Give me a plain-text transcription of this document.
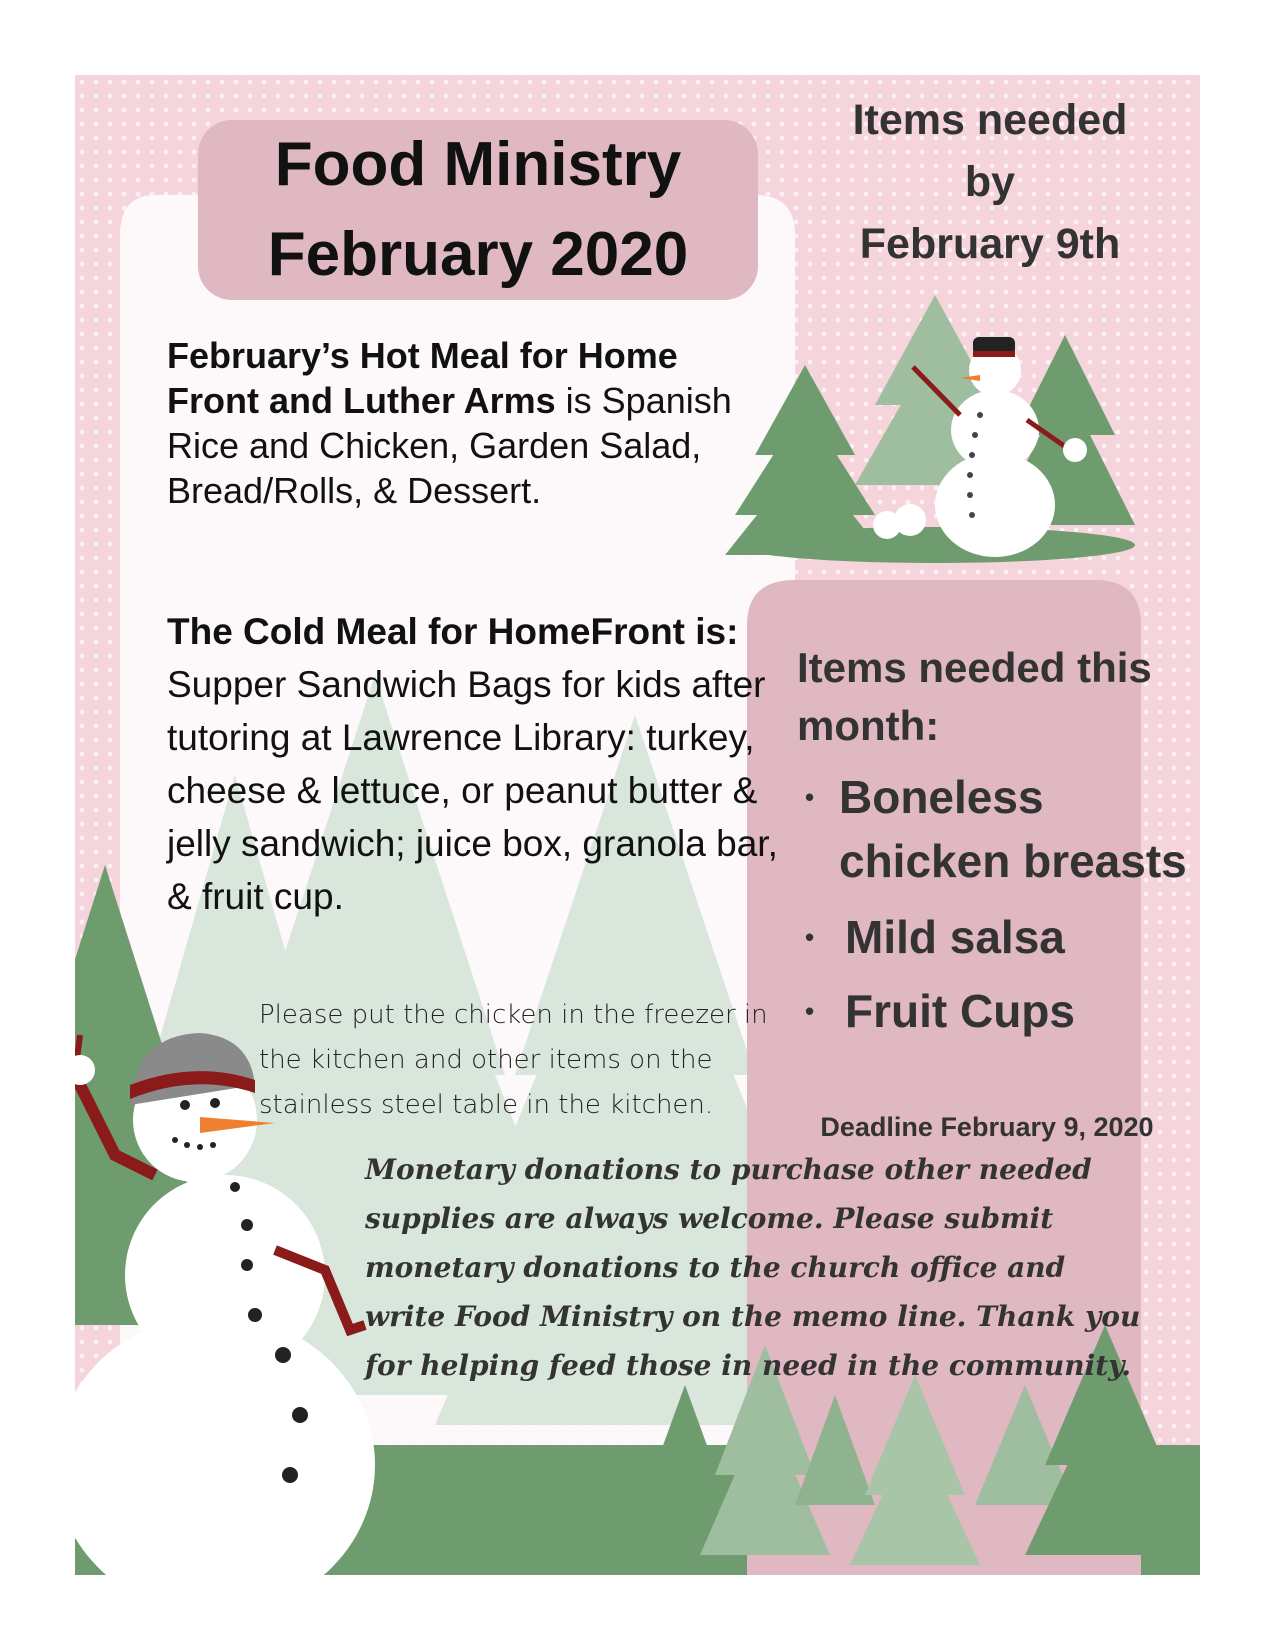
Food Ministry
February 2020
Items needed
by
February 9th
February’s Hot Meal for Home Front and Luther Arms is Spanish Rice and Chicken, Garden Salad, Bread/Rolls, & Dessert.
The Cold Meal for HomeFront is: Supper Sandwich Bags for kids after tutoring at Lawrence Library: turkey, cheese & lettuce, or peanut butter & jelly sandwich; juice box, granola bar, & fruit cup.
Please put the chicken in the freezer in the kitchen and other items on the stainless steel table in the kitchen.
Items needed this month:
• Boneless chicken breasts
• Mild salsa
• Fruit Cups
Deadline February 9, 2020
Monetary donations to purchase other needed supplies are always welcome. Please submit monetary donations to the church office and write Food Ministry on the memo line. Thank you for helping feed those in need in the community.
